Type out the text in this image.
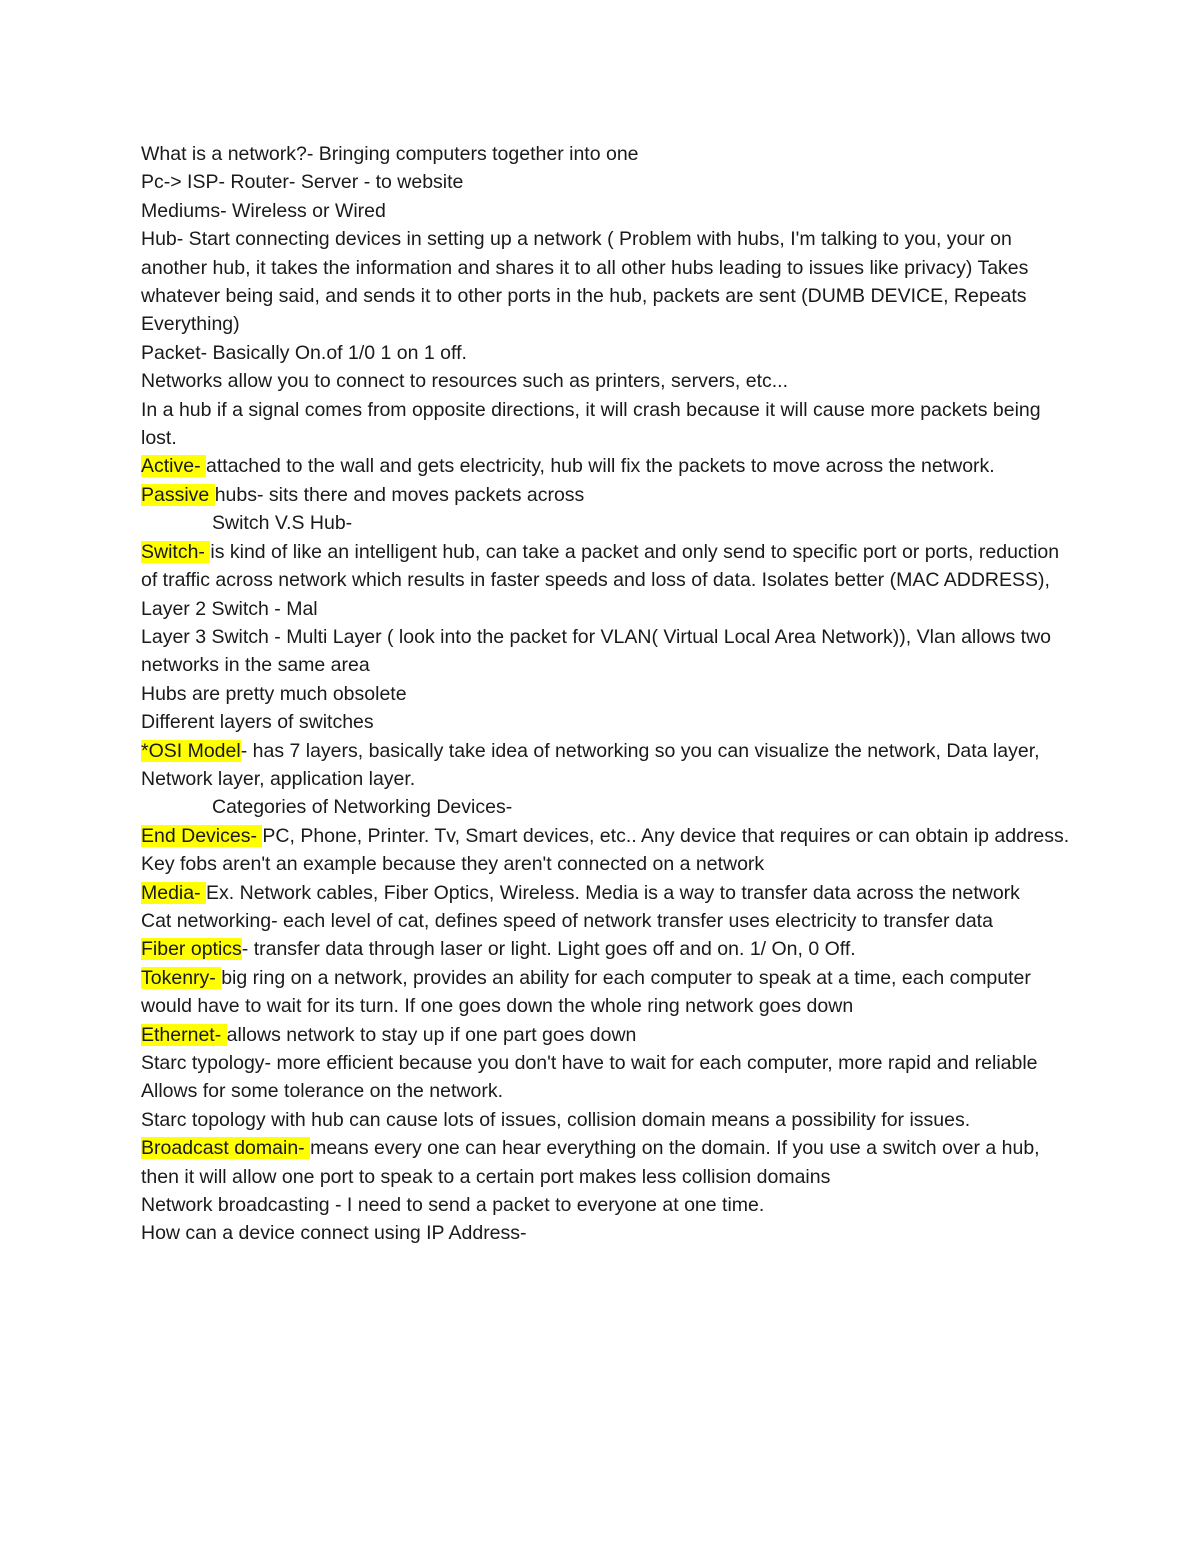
What is a network?- Bringing computers together into one

Pc-> ISP- Router- Server - to website

Mediums- Wireless or Wired

Hub- Start connecting devices in setting up a network ( Problem with hubs, I'm talking to you, your on another hub, it takes the information and shares it to all other hubs leading to issues like privacy) Takes whatever being said, and sends it to other ports in the hub, packets are sent (DUMB DEVICE, Repeats Everything)

Packet- Basically On.of 1/0 1 on 1 off.

Networks allow you to connect to resources such as printers, servers, etc...

In a hub if a signal comes from opposite directions, it will crash because it will cause more packets being lost.

Active- attached to the wall and gets electricity, hub will fix the packets to move across the network.

Passive hubs- sits there and moves packets across

Switch V.S Hub-

Switch- is kind of like an intelligent hub, can take a packet and only send to specific port or ports, reduction of traffic across network which results in faster speeds and loss of data. Isolates better (MAC ADDRESS),

Layer 2 Switch - Mal

Layer 3 Switch - Multi Layer ( look into the packet for VLAN( Virtual Local Area Network)), Vlan allows two networks in the same area

Hubs are pretty much obsolete

Different layers of switches

*OSI Model- has 7 layers, basically take idea of networking so you can visualize the network, Data layer, Network layer, application layer.

Categories of Networking Devices-

End Devices- PC, Phone, Printer. Tv, Smart devices, etc.. Any device that requires or can obtain ip address. Key fobs aren't an example because they aren't connected on a network

Media- Ex. Network cables, Fiber Optics, Wireless. Media is a way to transfer data across the network

Cat networking- each level of cat, defines speed of network transfer uses electricity to transfer data

Fiber optics- transfer data through laser or light. Light goes off and on. 1/ On, 0 Off.

Tokenry- big ring on a network, provides an ability for each computer to speak at a time, each computer would have to wait for its turn. If one goes down the whole ring network goes down

Ethernet- allows network to stay up if one part goes down

Starc typology- more efficient because you don't have to wait for each computer, more rapid and reliable Allows for some tolerance on the network.

Starc topology with hub can cause lots of issues, collision domain means a possibility for issues.

Broadcast domain- means every one can hear everything on the domain. If you use a switch over a hub, then it will allow one port to speak to a certain port makes less collision domains

Network broadcasting - I need to send a packet to everyone at one time.

How can a device connect using IP Address-
